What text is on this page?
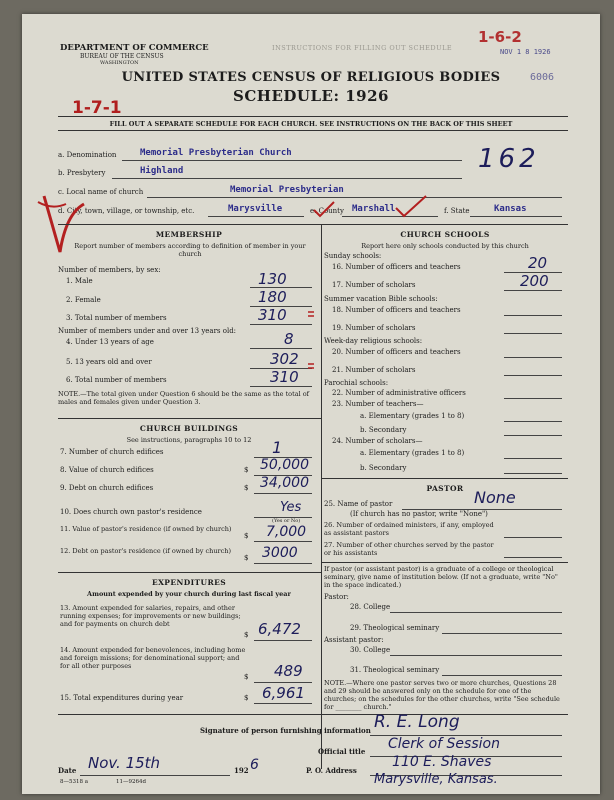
DEPARTMENT OF COMMERCE
BUREAU OF THE CENSUS
WASHINGTON
INSTRUCTIONS FOR FILLING OUT SCHEDULE
1-6-2
NOV 1 8 1926
6006
UNITED STATES CENSUS OF RELIGIOUS BODIES
SCHEDULE: 1926
1-7-1
FILL OUT A SEPARATE SCHEDULE FOR EACH CHURCH. SEE INSTRUCTIONS ON THE BACK OF THIS SHEET
a. Denomination	Memorial Presbyterian Church	162
b. Presbytery	Highland
c. Local name of church	Memorial Presbyterian
d. City, town, village, or township, etc.	Marysville	e. County Marshall	f. State	Kansas
MEMBERSHIP
Report number of members according to definition of member in your church
Number of members, by sex:
1. Male	130
2. Female	180
3. Total number of members	310
Number of members under and over 13 years old:
4. Under 13 years of age	8
5. 13 years old and over	302
6. Total number of members	310
NOTE.—The total given under Question 6 should be the same as the total of males and females given under Question 3.
CHURCH BUILDINGS
See instructions, paragraphs 10 to 12
7. Number of church edifices	1
8. Value of church edifices	$ 50,000
9. Debt on church edifices	$ 34,000
10. Does church own pastor's residence	Yes
(Yes or No)
11. Value of pastor's residence (if owned by church)
$ 7,000
12. Debt on pastor's residence (if owned by church)
$ 3000
EXPENDITURES
Amount expended by your church during last fiscal year
13. Amount expended for salaries, repairs, and other running expenses; for improvements or new buildings; and for payments on church debt
$ 6,472
14. Amount expended for benevolences, including home and foreign missions; for denominational support; and for all other purposes
$ 489
15. Total expenditures during year	$ 6,961
CHURCH SCHOOLS
Report here only schools conducted by this church
Sunday schools:
16. Number of officers and teachers	20
17. Number of scholars	200
Summer vacation Bible schools:
18. Number of officers and teachers
19. Number of scholars
Week-day religious schools:
20. Number of officers and teachers
21. Number of scholars
Parochial schools:
22. Number of administrative officers
23. Number of teachers—
a. Elementary (grades 1 to 8)
b. Secondary
24. Number of scholars—
a. Elementary (grades 1 to 8)
b. Secondary
PASTOR
25. Name of pastor	None
(If church has no pastor, write "None")
26. Number of ordained ministers, if any, employed as assistant pastors
27. Number of other churches served by the pastor or his assistants
If pastor (or assistant pastor) is a graduate of a college or theological seminary, give name of institution below. (If not a graduate, write "No" in the space indicated.)
Pastor:
28. College
29. Theological seminary
Assistant pastor:
30. College
31. Theological seminary
NOTE.—Where one pastor serves two or more churches, Questions 28 and 29 should be answered only on the schedule for one of the churches; on the schedules for the other churches, write "See schedule for ________ church."
Signature of person furnishing information R. E. Long
Official title Clerk of Session
Date Nov. 15th	192 6	P. O. Address
110 E. Shaves
Marysville, Kansas.
8—5318 a	11—9264d
